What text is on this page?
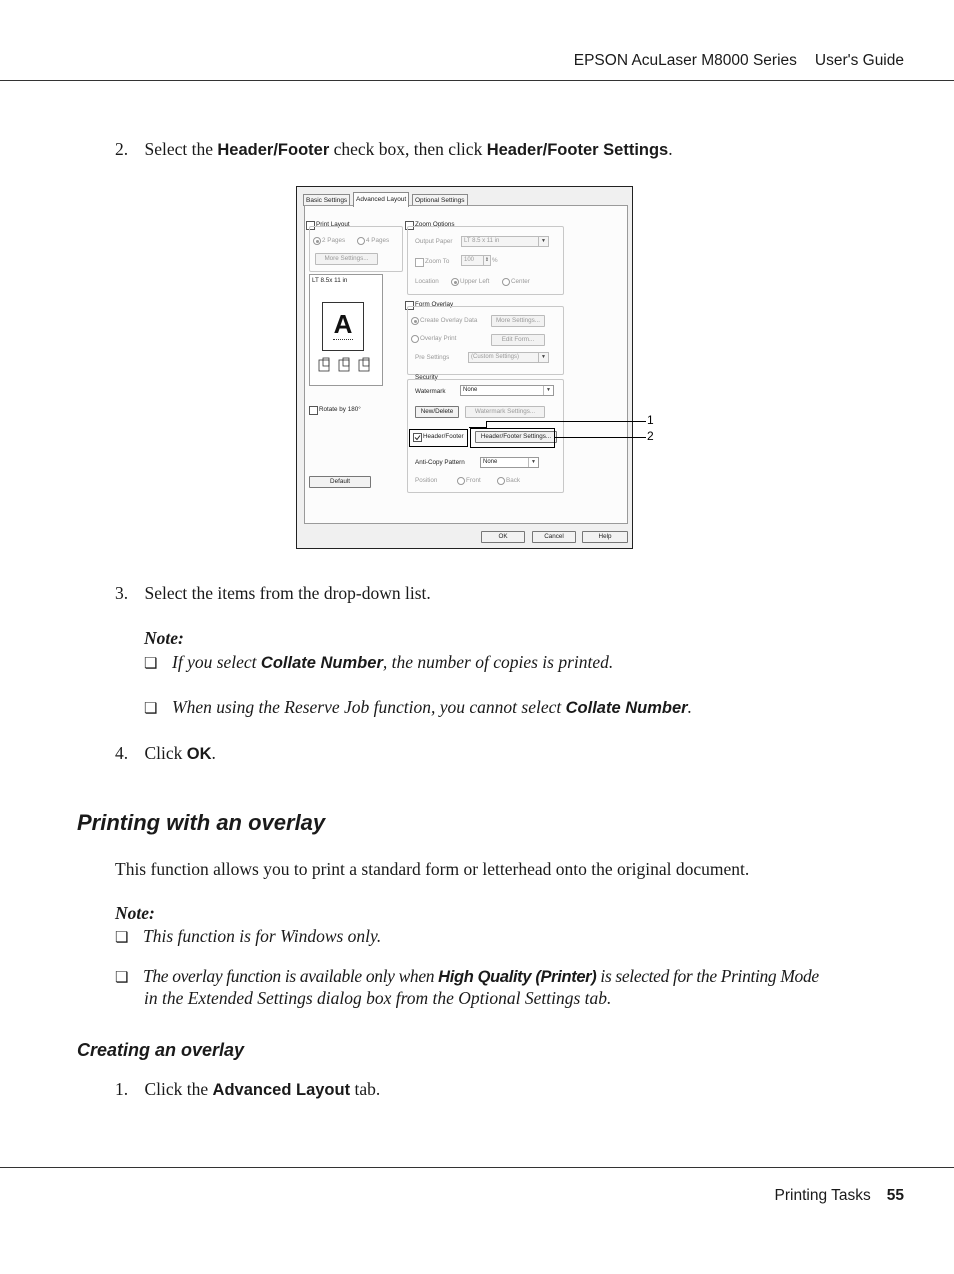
EPSON AcuLaser M8000 Series User's Guide
2. Select the Header/Footer check box, then click Header/Footer Settings.
Basic Settings	Advanced Layout	Optional Settings
Print Layout
2 Pages	4 Pages
More Settings...
LT 8.5x 11 in
A
Rotate by 180°
Default
Zoom Options
Output Paper	LT 8.5 x 11 in	▼
Zoom To	100	⇕ %
Location	Upper Left	Center
Form Overlay
Create Overlay Data	More Settings...
Overlay Print	Edit Form...
Pre Settings	(Custom Settings)	▼
Security
Watermark	None	▼
New/Delete	Watermark Settings...
Header/Footer	Header/Footer Settings...
Anti-Copy Pattern	None	▼
Position	Front	Back
OK	Cancel	Help
1
2
3. Select the items from the drop-down list.
Note:
❏ If you select Collate Number, the number of copies is printed.
❏ When using the Reserve Job function, you cannot select Collate Number.
4. Click OK.
Printing with an overlay
This function allows you to print a standard form or letterhead onto the original document.
Note:
❏ This function is for Windows only.
❏ The overlay function is available only when High Quality (Printer) is selected for the Printing Mode
in the Extended Settings dialog box from the Optional Settings tab.
Creating an overlay
1. Click the Advanced Layout tab.
Printing Tasks 55
